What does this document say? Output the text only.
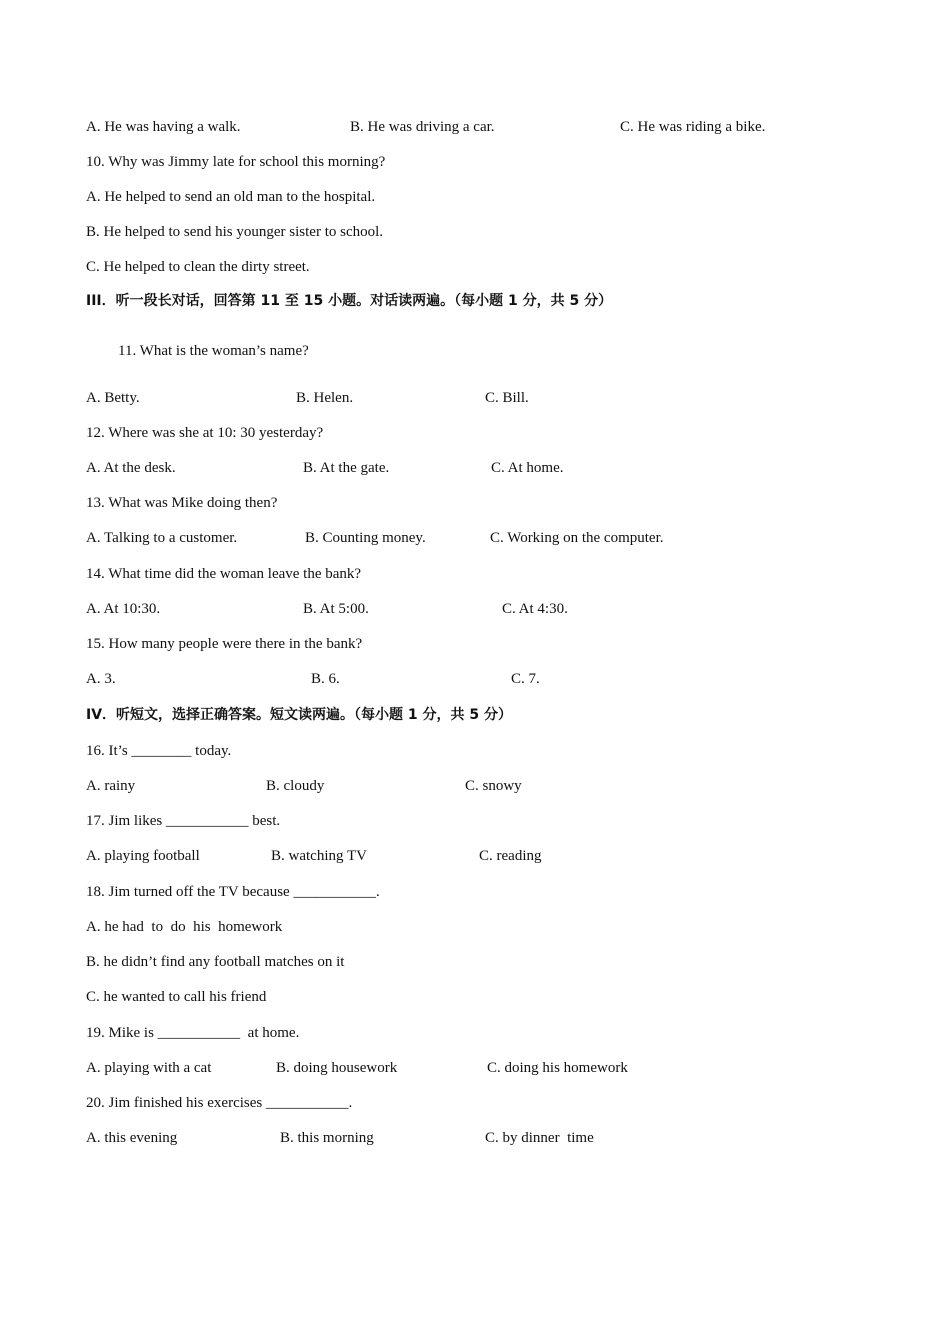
A. He was having a walk.	B. He was driving a car.	C. He was riding a bike.
10. Why was Jimmy late for school this morning?
A. He helped to send an old man to the hospital.
B. He helped to send his younger sister to school.
C. He helped to clean the dirty street.
III．听一段长对话，回答第 11 至 15 小题。对话读两遍。（每小题 1 分，共 5 分）
11. What is the woman’s name?
A. Betty.	B. Helen.	C. Bill.
12. Where was she at 10: 30 yesterday?
A. At the desk.	B. At the gate.	C. At home.
13. What was Mike doing then?
A. Talking to a customer.	B. Counting money.	C. Working on the computer.
14. What time did the woman leave the bank?
A. At 10:30.	B. At 5:00.	C. At 4:30.
15. How many people were there in the bank?
A. 3.	B. 6.	C. 7.
IV．听短文，选择正确答案。短文读两遍。（每小题 1 分，共 5 分）
16. It’s ________ today.
A. rainy	B. cloudy	C. snowy
17. Jim likes ___________ best.
A. playing football	B. watching TV	C. reading
18. Jim turned off the TV because ___________.
A. he had  to  do  his  homework
B. he didn’t find any football matches on it
C. he wanted to call his friend
19. Mike is ___________  at home.
A. playing with a cat	B. doing housework	C. doing his homework
20. Jim finished his exercises ___________.
A. this evening	B. this morning	C. by dinner  time
